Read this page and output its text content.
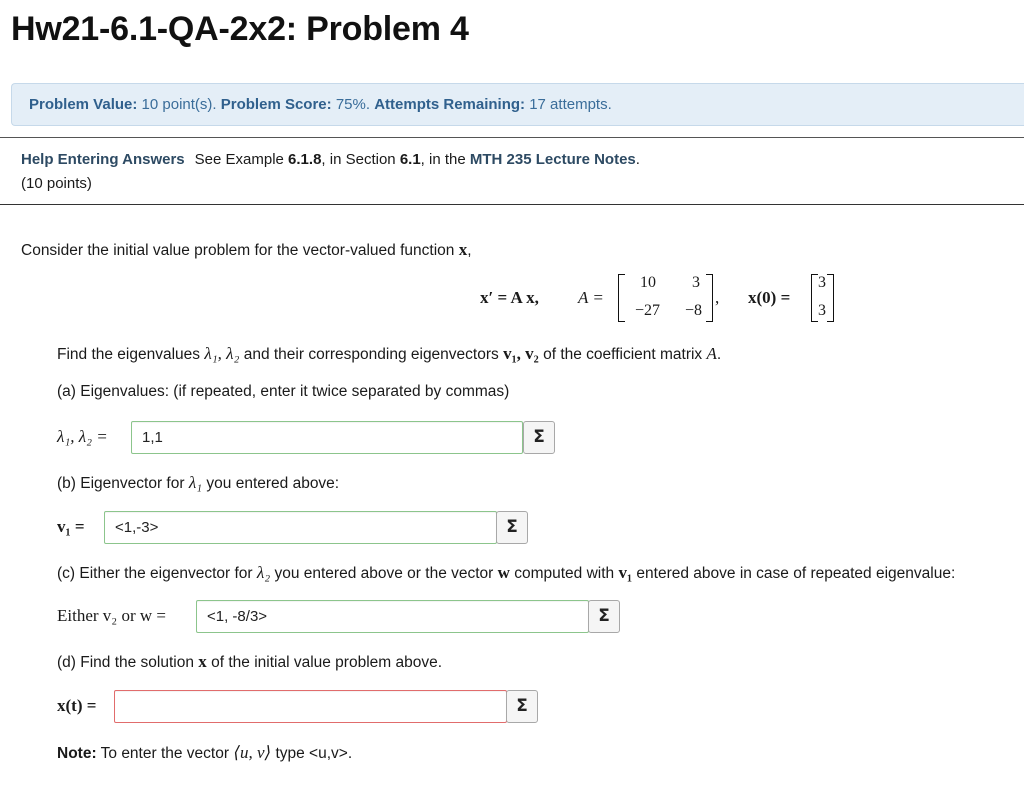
Hw21-6.1-QA-2x2: Problem 4
Problem Value: 10 point(s). Problem Score: 75%. Attempts Remaining: 17 attempts.
Help Entering Answers See Example 6.1.8, in Section 6.1, in the MTH 235 Lecture Notes.
(10 points)
Consider the initial value problem for the vector-valued function x,
x′ = A x, A =
10	3
−27	−8
, x(0) =
3
3
Find the eigenvalues λ₁, λ₂ and their corresponding eigenvectors v₁, v₂ of the coefficient matrix A.
(a) Eigenvalues: (if repeated, enter it twice separated by commas)
λ₁, λ₂ =
1,1	Σ
(b) Eigenvector for λ₁ you entered above:
v₁ =
<1,-3>	Σ
(c) Either the eigenvector for λ₂ you entered above or the vector w computed with v₁ entered above in case of repeated eigenvalue:
Either v₂ or w =
<1, -8/3>	Σ
(d) Find the solution x of the initial value problem above.
x(t) =	Σ
Note: To enter the vector ⟨u, v⟩ type <u,v>.
